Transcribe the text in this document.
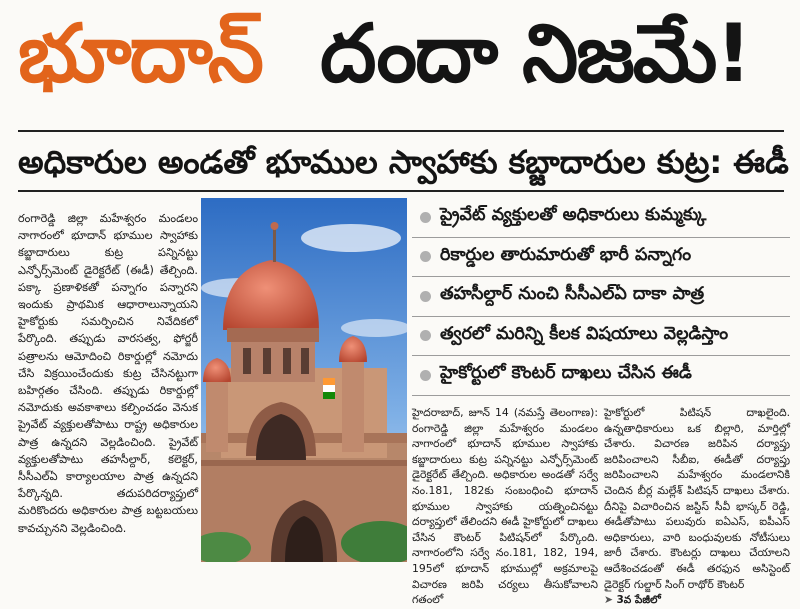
భూదాన్ దందా నిజమే!
అధికారుల అండతో భూముల స్వాహాకు కబ్జాదారుల కుట్ర: ఈడీ

రంగారెడ్డి జిల్లా మహేశ్వరం మండలం నాగారంలో భూదాన్ భూముల స్వాహాకు కబ్జాదారులు కుట్ర పన్నినట్టు ఎన్ఫోర్స్‌మెంట్ డైరెక్టరేట్ (ఈడీ) తేల్చింది. పక్కా ప్రణాళికతో పన్నాగం పన్నారని ఇందుకు ప్రాథమిక ఆధారాలున్నాయని హైకోర్టుకు సమర్పించిన నివేదికలో పేర్కొంది. తప్పుడు వారసత్వ, ఫోర్జరీ పత్రాలను ఆమోదించి రికార్డుల్లో నమోదు చేసి విక్రయించేందుకు కుట్ర చేసినట్టుగా బహిర్గతం చేసింది. తప్పుడు రికార్డుల్లో నమోదుకు అవకాశాలు కల్పించడం వెనుక ప్రైవేట్ వ్యక్తులతోపాటు రాష్ట్ర అధికారుల పాత్ర ఉన్నదని వెల్లడించింది. ప్రైవేట్ వ్యక్తులతోపాటు తహసీల్దార్, కలెక్టర్, సీసీఎల్ఏ కార్యాలయాల పాత్ర ఉన్నదని పేర్కొన్నది. తదుపరిదర్యాప్తులో మరికొందరు అధికారుల పాత్ర బట్టబయలు కావచ్చునని వెల్లడించింది.

ప్రైవేట్ వ్యక్తులతో అధికారులు కుమ్మక్కు
రికార్డుల తారుమారుతో భారీ పన్నాగం
తహసీల్దార్ నుంచి సీసీఎల్ఏ దాకా పాత్ర
త్వరలో మరిన్ని కీలక విషయాలు వెల్లడిస్తాం
హైకోర్టులో కౌంటర్ దాఖలు చేసిన ఈడీ

హైదరాబాద్, జూన్ 14 (నమస్తే తెలంగాణ): రంగారెడ్డి జిల్లా మహేశ్వరం మండలం నాగారంలో భూదాన్ భూముల స్వాహాకు కబ్జాదారులు కుట్ర పన్నినట్టు ఎన్ఫోర్స్‌మెంట్ డైరెక్టరేట్ తేల్చింది. అధికారుల అండతో సర్వే నం.181, 182కు సంబంధించి భూదాన్ భూముల స్వాహాకు యత్నించినట్టు దర్యాప్తులో తేలిందని ఈడీ హైకోర్టులో దాఖలు చేసిన కౌంటర్ పిటిషన్‌లో పేర్కొంది. నాగారంలోని సర్వే నం.181, 182, 194, 195లో భూదాన్ భూముల్లో అక్రమాలపై విచారణ జరిపి చర్యలు తీసుకోవాలని గతంలో

హైకోర్టులో పిటిషన్ దాఖలైంది. ఉన్నతాధికారులు ఒక బిల్లారి, మార్తిల్లో చేశారు. విచారణ జరిపిన దర్యాప్తు జరిపించాలని సీబీఐ, ఈడీతో దర్యాప్తు జరిపించాలని మహేశ్వరం మండలానికి చెందిన బీర్ల మల్లేశ్ పిటిషన్ దాఖలు చేశారు. దీనిపై విచారించిన జస్టిస్ సీవీ భాస్కర్ రెడ్డి, ఈడీతోపాటు పలువురు ఐఏఎస్, ఐపీఎస్ అధికారులు, వారి బంధువులకు నోటీసులు జారీ చేశారు. కౌంటర్లు దాఖలు చేయాలని ఆదేశించడంతో ఈడీ తరఫున అసిస్టెంట్ డైరెక్టర్ గుల్జార్ సింగ్ రాథోర్ కౌంటర్

➤ 3వ పేజీలో
